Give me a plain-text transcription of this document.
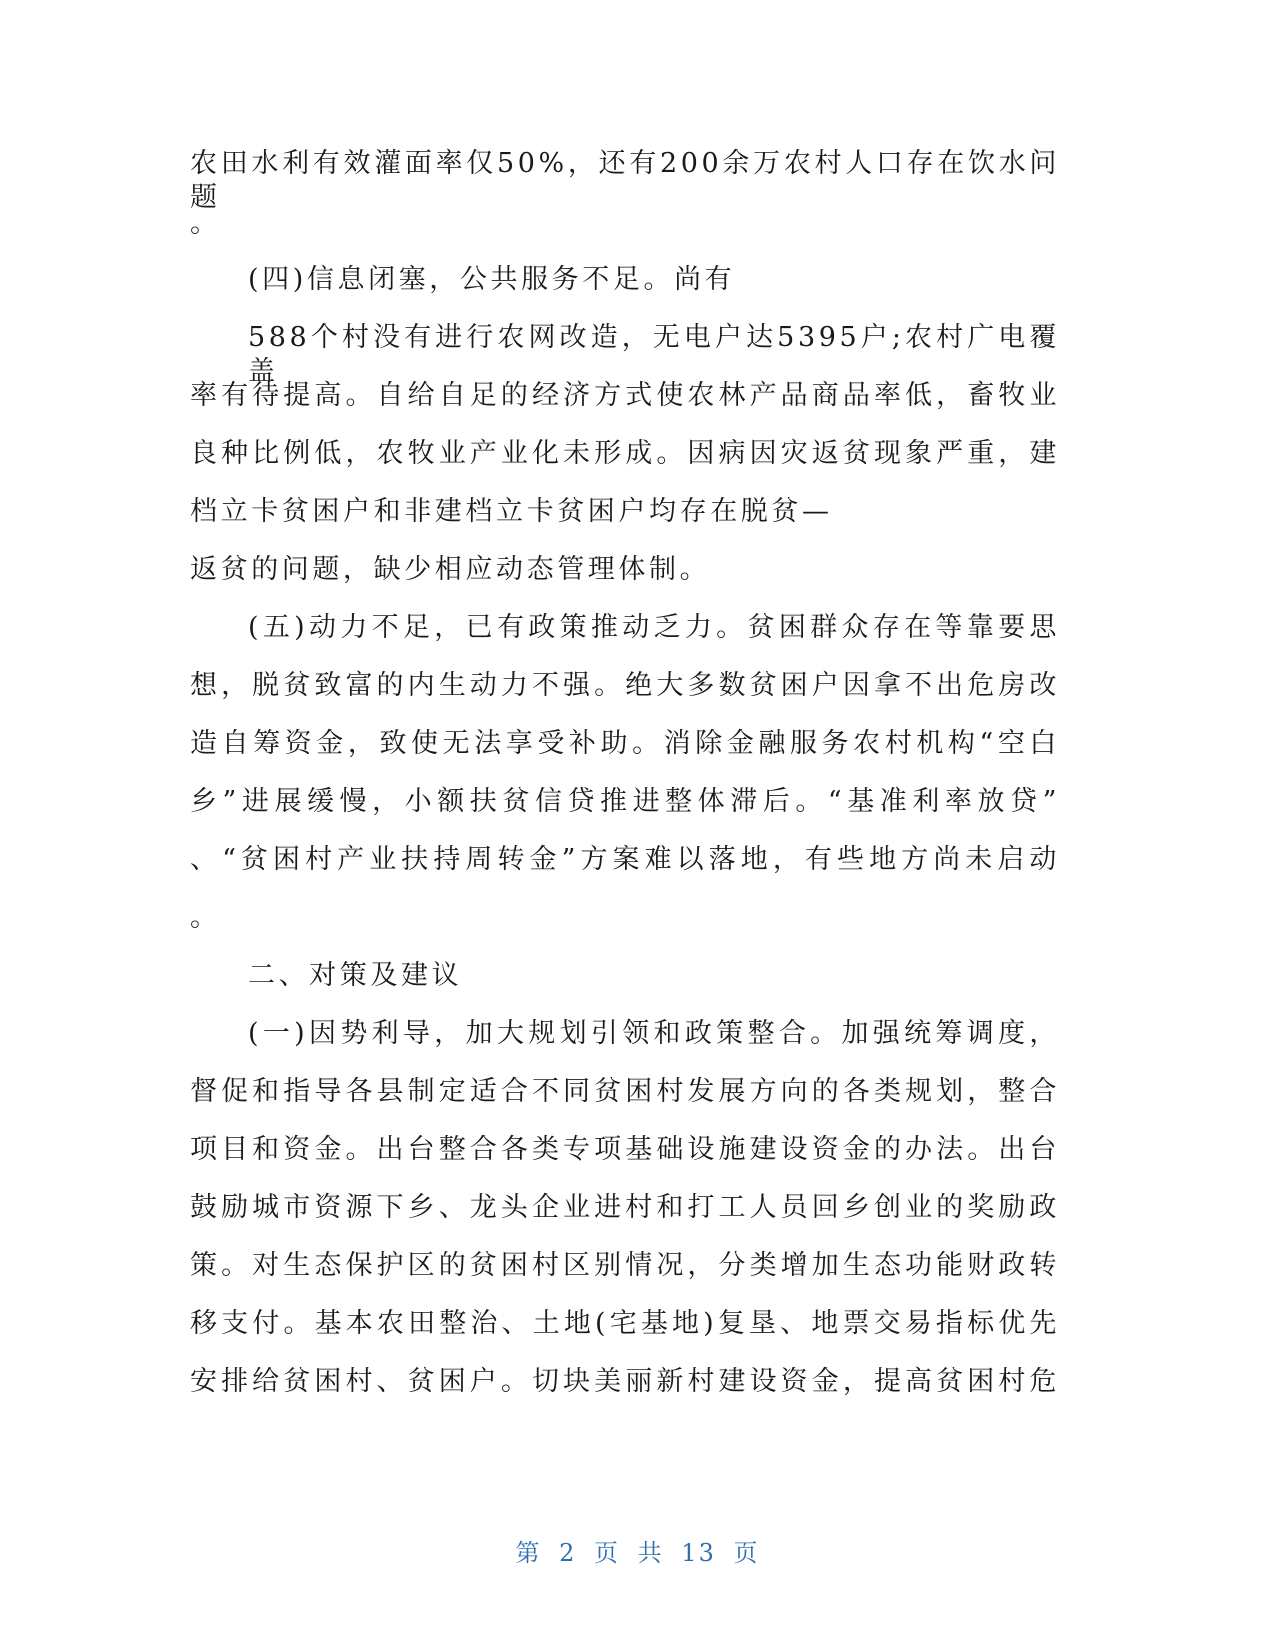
农田水利有效灌面率仅50%，还有200余万农村人口存在饮水问题
。
(四)信息闭塞，公共服务不足。尚有
588个村没有进行农网改造，无电户达5395户;农村广电覆盖
率有待提高。自给自足的经济方式使农林产品商品率低，畜牧业
良种比例低，农牧业产业化未形成。因病因灾返贫现象严重，建
档立卡贫困户和非建档立卡贫困户均存在脱贫—
返贫的问题，缺少相应动态管理体制。
(五)动力不足，已有政策推动乏力。贫困群众存在等靠要思
想，脱贫致富的内生动力不强。绝大多数贫困户因拿不出危房改
造自筹资金，致使无法享受补助。消除金融服务农村机构“空白
乡”进展缓慢，小额扶贫信贷推进整体滞后。“基准利率放贷”
、“贫困村产业扶持周转金”方案难以落地，有些地方尚未启动
。
二、对策及建议
(一)因势利导，加大规划引领和政策整合。加强统筹调度，
督促和指导各县制定适合不同贫困村发展方向的各类规划，整合
项目和资金。出台整合各类专项基础设施建设资金的办法。出台
鼓励城市资源下乡、龙头企业进村和打工人员回乡创业的奖励政
策。对生态保护区的贫困村区别情况，分类增加生态功能财政转
移支付。基本农田整治、土地(宅基地)复垦、地票交易指标优先
安排给贫困村、贫困户。切块美丽新村建设资金，提高贫困村危
第 2 页 共 13 页
